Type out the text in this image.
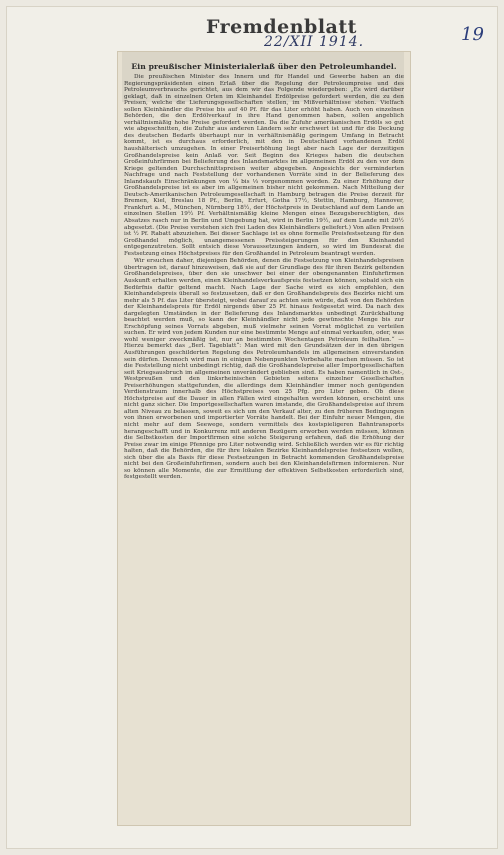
Fremdenblatt
22/XII 1914.	19
Ein preußischer Ministerialerlaß über den Petroleumhandel.

Die preußischen Minister des Innern und für Handel und Gewerbe haben an die Regierungspräsidenten einen Erlaß über die Regelung der Petroleumpreise und des Petroleumverbrauchs gerichtet, aus dem wir das Folgende wiedergeben: „Es wird darüber geklagt, daß in einzelnen Orten im Kleinhandel Erdölpreise gefordert werden, die zu den Preisen, welche die Lieferungsgesellschaften stellen, im Mißverhältnisse stehen. Vielfach sollen Kleinhändler die Preise bis auf 40 Pf. für das Liter erhöht haben. Auch von einzelnen Behörden, die den Erdölverkauf in ihre Hand genommen haben, sollen angeblich verhältnismäßig hohe Preise gefordert werden. Da die Zufuhr amerikanischen Erdöls so gut wie abgeschnitten, die Zufuhr aus anderen Ländern sehr erschwert ist und für die Deckung des deutschen Bedarfs überhaupt nur in verhältnismäßig geringem Umfang in Betracht kommt, ist es durchaus erforderlich, mit den in Deutschland vorhandenen Erdöl haushälterisch umzugehen. In einer Preiserhöhung liegt aber nach Lage der derzeitigen Großhandelspreise kein Anlaß vor. Seit Beginn des Krieges haben die deutschen Großeinfuhrfirmen bei Belieferung des Inlandsmarktes im allgemeinen Erdöl zu den vor dem Kriege geltenden Durchschnittspreisen weiter abgegeben. Angesichts der verminderten Nachfrage und nach Feststellung der vorhandenen Vorräte sind in der Belieferung des Inlandskaufs Einschränkungen von ¼ bis ⅓ vorgenommen worden. Zu einer Erhöhung der Großhandelspreise ist es aber im allgemeinen bisher nicht gekommen. Nach Mitteilung der Deutsch-Amerikanischen Petroleumgesellschaft in Hamburg betragen die Preise derzeit für Bremen, Kiel, Breslau 18 Pf., Berlin, Erfurt, Gotha 17½, Stettin, Hamburg, Hannover, Frankfurt a. M., München, Nürnberg 18½, der Höchstpreis in Deutschland auf dem Lande an einzelnen Stellen 19½ Pf. Verhältnismäßig kleine Mengen eines Bezugsberechtigten, des Absatzes rasch nur in Berlin und Umgebung hat, wird in Berlin 19½, auf dem Lande mit 20½ abgesetzt. (Die Preise verstehen sich frei Laden des Kleinhändlers geliefert.) Von allen Preisen ist ½ Pf. Rabatt abzuziehen. Bei dieser Sachlage ist es ohne formelle Preisfestsetzung für den Großhandel möglich, unangemessenen Preissteigerungen für den Kleinhandel entgegenzutreten. Sollt entsich diese Voraussetzungen ändern, so wird im Bundesrat die Festsetzung eines Höchstpreises für den Großhandel in Petroleum beantragt werden.

Wir ersuchen daher, diejenigen Behörden, denen die Festsetzung von Kleinhandelspreisen übertragen ist, darauf hinzuweisen, daß sie auf der Grundlage des für ihren Bezirk geltenden Großhandelspreises, über den sie unschwer bei einer der obengenannten Einfuhrfirmen Auskunft erhalten werden, einen Kleinhandelsverkaufspreis festsetzen können, sobald sich ein Bedürfnis dafür geltend macht. Nach Lage der Sache wird es sich empfehlen, den Kleinhandelspreis überall so festzusetzen, daß er den Großhandelspreis des Bezirks nicht um mehr als 5 Pf. das Liter übersteigt, wobei darauf zu achten sein würde, daß von den Behörden der Kleinhandelspreis für Erdöl nirgends über 25 Pf. hinaus festgesetzt wird. Da nach des dargelegten Umständen in der Belieferung des Inlandsmarktes unbedingt Zurückhaltung beachtet werden muß, so kann der Kleinhändler nicht jede gewünschte Menge bis zur Erschöpfung seines Vorrats abgeben, muß vielmehr seinen Vorrat möglichst zu verteilen suchen. Er wird von jedem Kunden nur eine bestimmte Menge auf einmal verkaufen, oder, was wohl weniger zweckmäßig ist, nur an bestimmten Wochentagen Petroleum feilhalten.“ — Hierzu bemerkt das „Berl. Tageblatt“: Man wird mit den Grundsätzen der in den übrigen Ausführungen geschilderten Regelung des Petroleumhandels im allgemeinen einverstanden sein dürfen. Dennoch wird man in einigen Nebenpunkten Vorbehalte machen müssen. So ist die Feststellung nicht unbedingt richtig, daß die Großhandelspreise aller Importgesellschaften seit Kriegsausbruch im allgemeinen unverändert geblieben sind. Es haben namentlich in Ost-, Westpreußen und den linksrheinischen Gebieten seitens einzelner Gesellschaften Preiserhöhungen stattgefunden, die allerdings dem Kleinhändler immer noch genügenden Verdienstraum innerhalb des Höchstpreises von 25 Pfg. pro Liter geben. Ob diese Höchstpreise auf die Dauer in allen Fällen wird eingehalten werden können, erscheint uns nicht ganz sicher. Die Importgesellschaften waren imstande, die Großhandelspreise auf ihrem alten Niveau zu belassen, soweit es sich um den Verkauf alter, zu den früheren Bedingungen von ihnen erworbenen und importierter Vorräte handelt. Bei der Einfuhr neuer Mengen, die nicht mehr auf dem Seewege, sondern vermittels des kostspieligeren Bahntransports herangeschafft und in Konkurrenz mit anderen Bezügern erworben werden müssen, können die Selbstkosten der Importfirmen eine solche Steigerung erfahren, daß die Erhöhung der Preise zwar im einige Pfennige pro Liter notwendig wird. Schließlich werden wir es für richtig halten, daß die Behörden, die für ihre lokalen Bezirke Kleinhandelspreise festsetzen wollen, sich über die als Basis für diese Festsetzungen in Betracht kommenden Großhandelspreise nicht bei den Großeinfuhrfirmen, sondern auch bei den Kleinhandelsfirmen informieren. Nur so können alle Momente, die zur Ermittlung der effektiven Selbstkosten erforderlich sind, festgestellt werden.
